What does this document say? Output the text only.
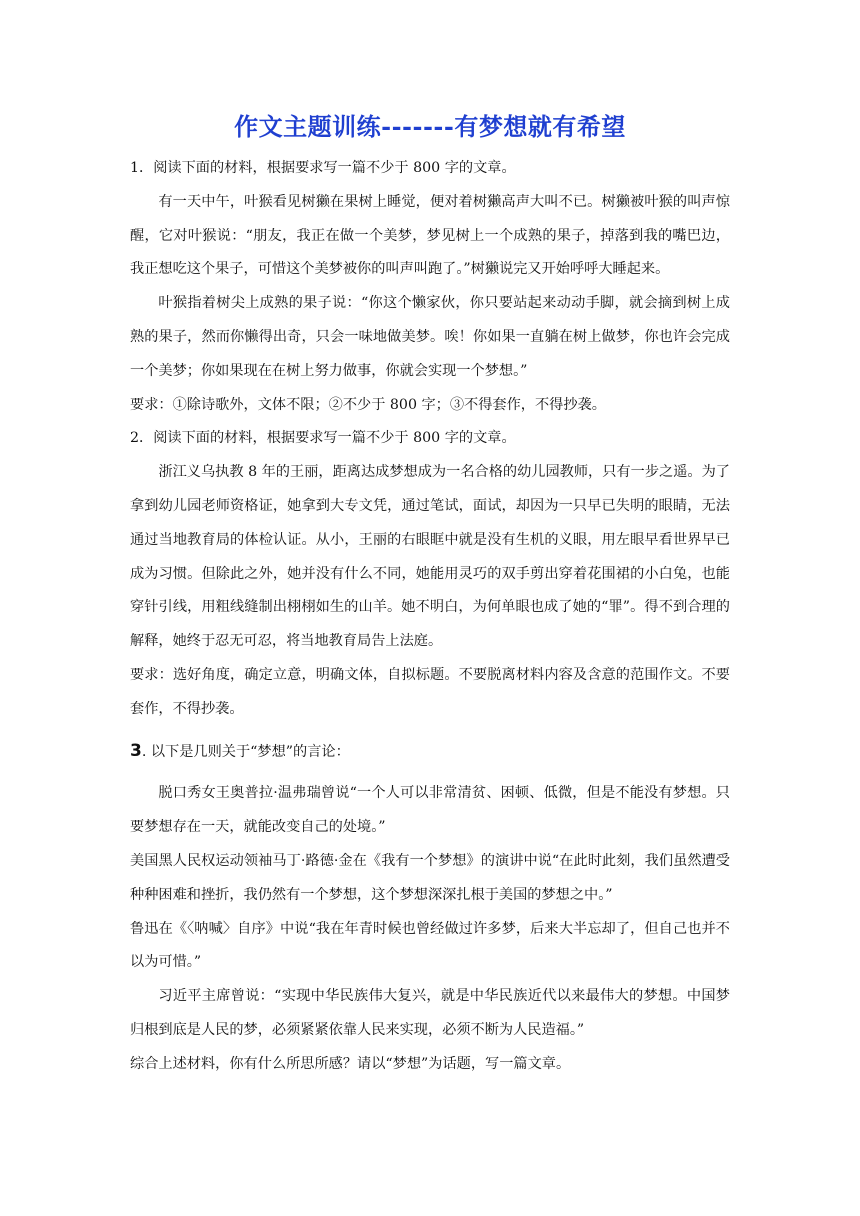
作文主题训练-------有梦想就有希望

1．阅读下面的材料，根据要求写一篇不少于 800 字的文章。

有一天中午，叶猴看见树獭在果树上睡觉，便对着树獭高声大叫不已。树獭被叶猴的叫声惊醒，它对叶猴说：“朋友，我正在做一个美梦，梦见树上一个成熟的果子，掉落到我的嘴巴边，我正想吃这个果子，可惜这个美梦被你的叫声叫跑了。”树獭说完又开始呼呼大睡起来。

叶猴指着树尖上成熟的果子说：“你这个懒家伙，你只要站起来动动手脚，就会摘到树上成熟的果子，然而你懒得出奇，只会一味地做美梦。唉！你如果一直躺在树上做梦，你也许会完成一个美梦；你如果现在在树上努力做事，你就会实现一个梦想。”

要求：①除诗歌外，文体不限；②不少于 800 字；③不得套作，不得抄袭。

2．阅读下面的材料，根据要求写一篇不少于 800 字的文章。

浙江义乌执教 8 年的王丽，距离达成梦想成为一名合格的幼儿园教师，只有一步之遥。为了拿到幼儿园老师资格证，她拿到大专文凭，通过笔试，面试，却因为一只早已失明的眼睛，无法通过当地教育局的体检认证。从小，王丽的右眼眶中就是没有生机的义眼，用左眼早看世界早已成为习惯。但除此之外，她并没有什么不同，她能用灵巧的双手剪出穿着花围裙的小白兔，也能穿针引线，用粗线缝制出栩栩如生的山羊。她不明白，为何单眼也成了她的“罪”。得不到合理的解释，她终于忍无可忍，将当地教育局告上法庭。

要求：选好角度，确定立意，明确文体，自拟标题。不要脱离材料内容及含意的范围作文。不要套作，不得抄袭。

3. 以下是几则关于“梦想”的言论：

脱口秀女王奥普拉·温弗瑞曾说“一个人可以非常清贫、困顿、低微，但是不能没有梦想。只要梦想存在一天，就能改变自己的处境。”

美国黑人民权运动领袖马丁·路德·金在《我有一个梦想》的演讲中说“在此时此刻，我们虽然遭受种种困难和挫折，我仍然有一个梦想，这个梦想深深扎根于美国的梦想之中。”

鲁迅在《〈呐喊〉自序》中说“我在年青时候也曾经做过许多梦，后来大半忘却了，但自己也并不以为可惜。”

习近平主席曾说：“实现中华民族伟大复兴，就是中华民族近代以来最伟大的梦想。中国梦归根到底是人民的梦，必须紧紧依靠人民来实现，必须不断为人民造福。”

综合上述材料，你有什么所思所感？请以“梦想”为话题，写一篇文章。
